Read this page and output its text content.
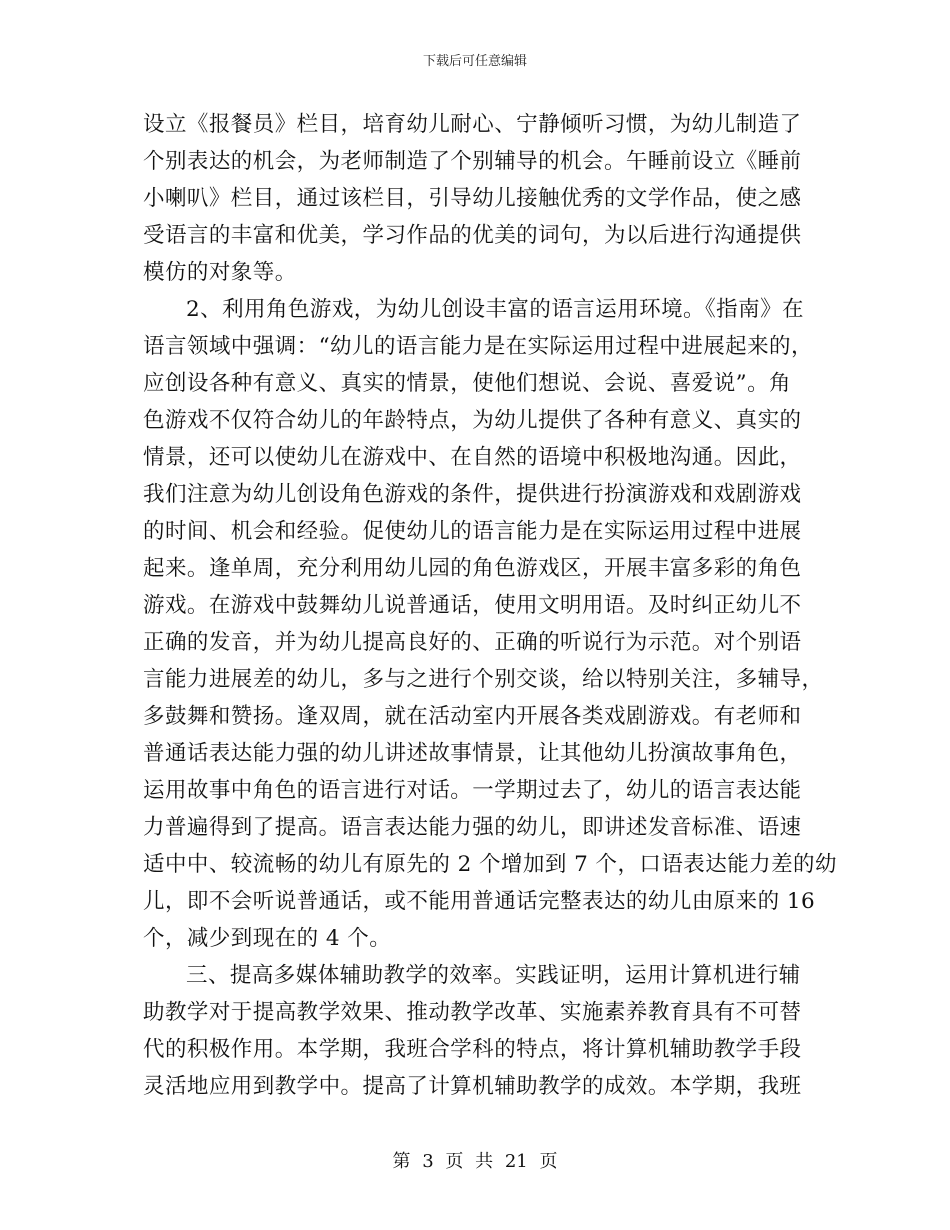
下载后可任意编辑
设立《报餐员》栏目，培育幼儿耐心、宁静倾听习惯，为幼儿制造了
个别表达的机会，为老师制造了个别辅导的机会。午睡前设立《睡前
小喇叭》栏目，通过该栏目，引导幼儿接触优秀的文学作品，使之感
受语言的丰富和优美，学习作品的优美的词句，为以后进行沟通提供
模仿的对象等。
2、利用角色游戏，为幼儿创设丰富的语言运用环境。《指南》在
语言领域中强调：“幼儿的语言能力是在实际运用过程中进展起来的，
应创设各种有意义、真实的情景，使他们想说、会说、喜爱说”。角
色游戏不仅符合幼儿的年龄特点，为幼儿提供了各种有意义、真实的
情景，还可以使幼儿在游戏中、在自然的语境中积极地沟通。因此，
我们注意为幼儿创设角色游戏的条件，提供进行扮演游戏和戏剧游戏
的时间、机会和经验。促使幼儿的语言能力是在实际运用过程中进展
起来。逢单周，充分利用幼儿园的角色游戏区，开展丰富多彩的角色
游戏。在游戏中鼓舞幼儿说普通话，使用文明用语。及时纠正幼儿不
正确的发音，并为幼儿提高良好的、正确的听说行为示范。对个别语
言能力进展差的幼儿，多与之进行个别交谈，给以特别关注，多辅导，
多鼓舞和赞扬。逢双周，就在活动室内开展各类戏剧游戏。有老师和
普通话表达能力强的幼儿讲述故事情景，让其他幼儿扮演故事角色，
运用故事中角色的语言进行对话。一学期过去了，幼儿的语言表达能
力普遍得到了提高。语言表达能力强的幼儿，即讲述发音标准、语速
适中中、较流畅的幼儿有原先的 2 个增加到 7 个，口语表达能力差的幼
儿，即不会听说普通话，或不能用普通话完整表达的幼儿由原来的 16
个，减少到现在的 4 个。
三、提高多媒体辅助教学的效率。实践证明，运用计算机进行辅
助教学对于提高教学效果、推动教学改革、实施素养教育具有不可替
代的积极作用。本学期，我班合学科的特点，将计算机辅助教学手段
灵活地应用到教学中。提高了计算机辅助教学的成效。本学期，我班
第 3 页 共 21 页
